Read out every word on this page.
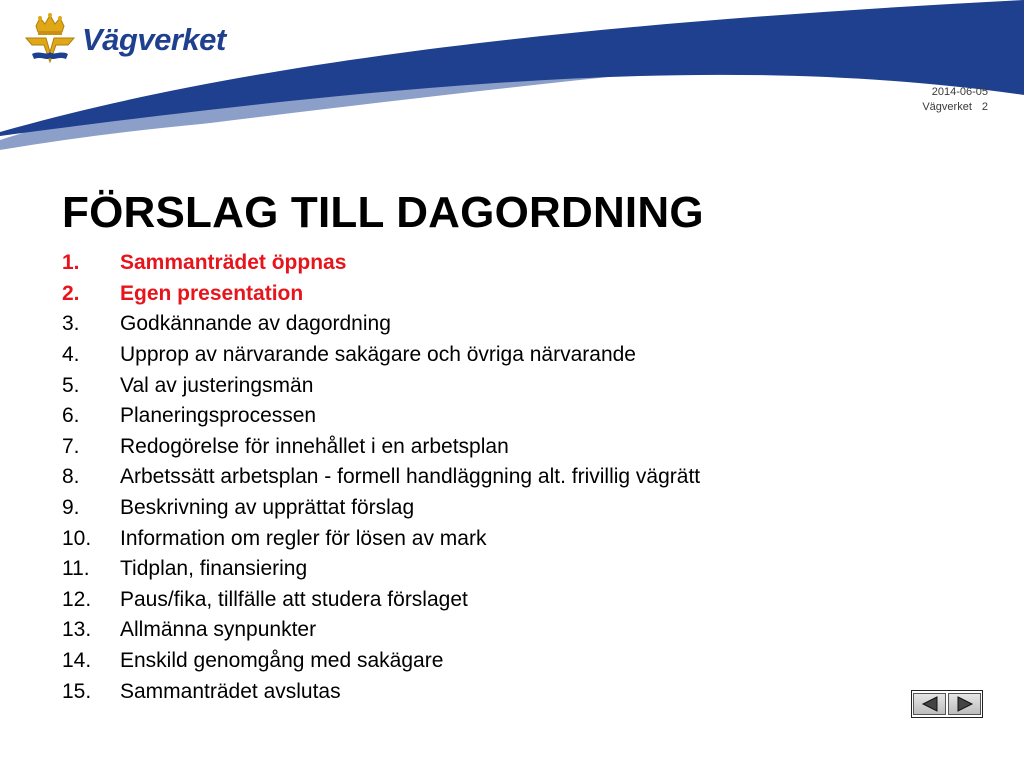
Vägverket
2014-06-05
Vägverket 2
FÖRSLAG TILL DAGORDNING
1.	Sammanträdet öppnas
2.	Egen presentation
3.	Godkännande av dagordning
4.	Upprop av närvarande sakägare och övriga närvarande
5.	Val av justeringsmän
6.	Planeringsprocessen
7.	Redogörelse för innehållet i en arbetsplan
8.	Arbetssätt arbetsplan - formell handläggning alt. frivillig vägrätt
9.	Beskrivning av upprättat förslag
10.	Information om regler för lösen av mark
11.	Tidplan, finansiering
12.	Paus/fika, tillfälle att studera förslaget
13.	Allmänna synpunkter
14.	Enskild genomgång med sakägare
15.	Sammanträdet avslutas
